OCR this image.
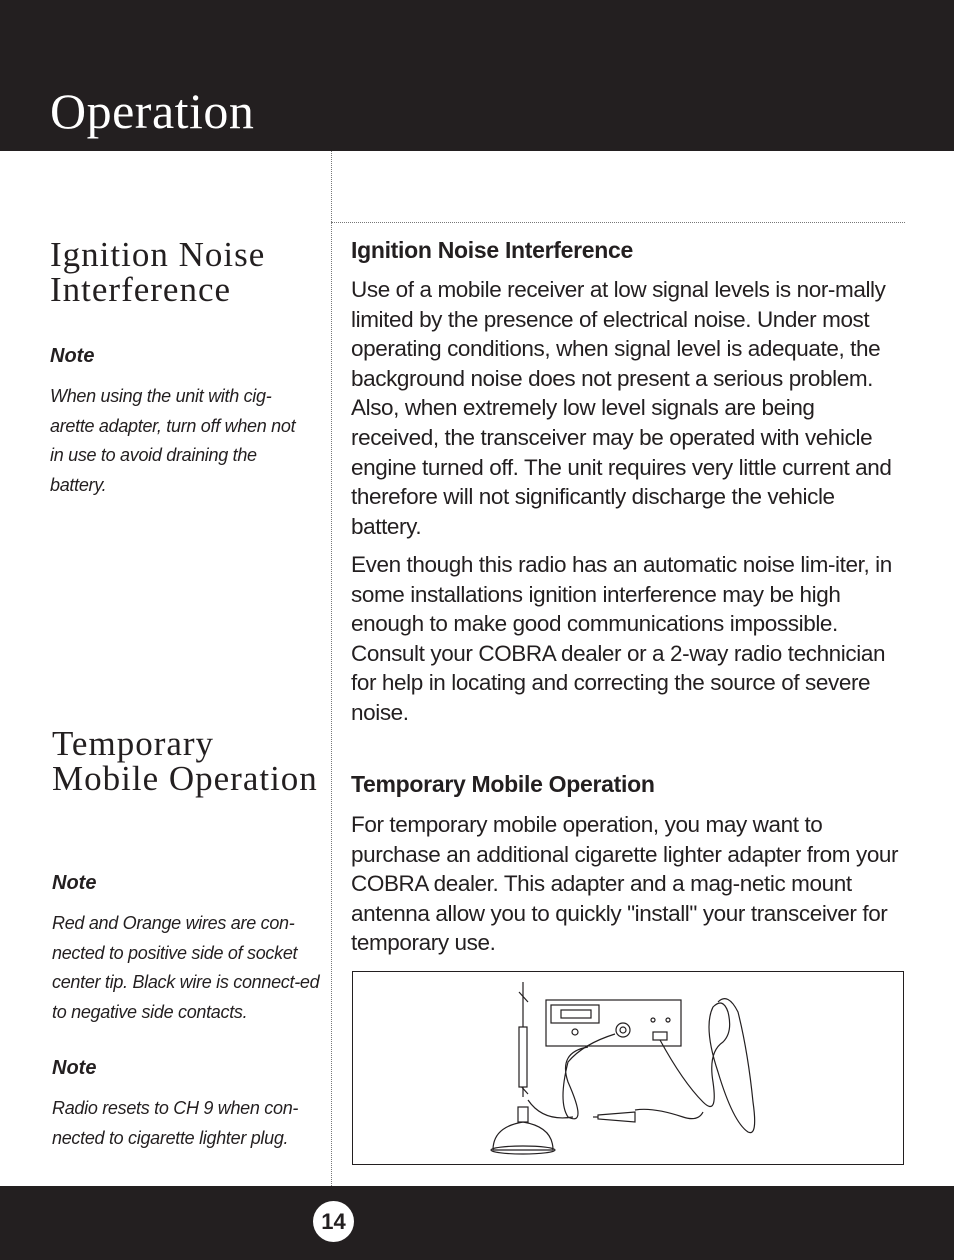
Operation
Ignition Noise Interference
Note

When using the unit with cig-arette adapter, turn off when not in use to avoid draining the battery.

Temporary Mobile Operation
Note

Red and Orange wires are con-nected to positive side of socket center tip. Black wire is connect-ed to negative side contacts.

Note

Radio resets to CH 9 when con-nected to cigarette lighter plug.

Ignition Noise Interference

Use of a mobile receiver at low signal levels is nor-mally limited by the presence of electrical noise. Under most operating conditions, when signal level is adequate, the background noise does not present a serious problem. Also, when extremely low level signals are being received, the transceiver may be operated with vehicle engine turned off. The unit requires very little current and therefore will not significantly discharge the vehicle battery.

Even though this radio has an automatic noise lim-iter, in some installations ignition interference may be high enough to make good communications impossible. Consult your COBRA dealer or a 2-way radio technician for help in locating and correcting the source of severe noise.

Temporary Mobile Operation

For temporary mobile operation, you may want to purchase an additional cigarette lighter adapter from your COBRA dealer. This adapter and a mag-netic mount antenna allow you to quickly "install" your transceiver for temporary use.

14
